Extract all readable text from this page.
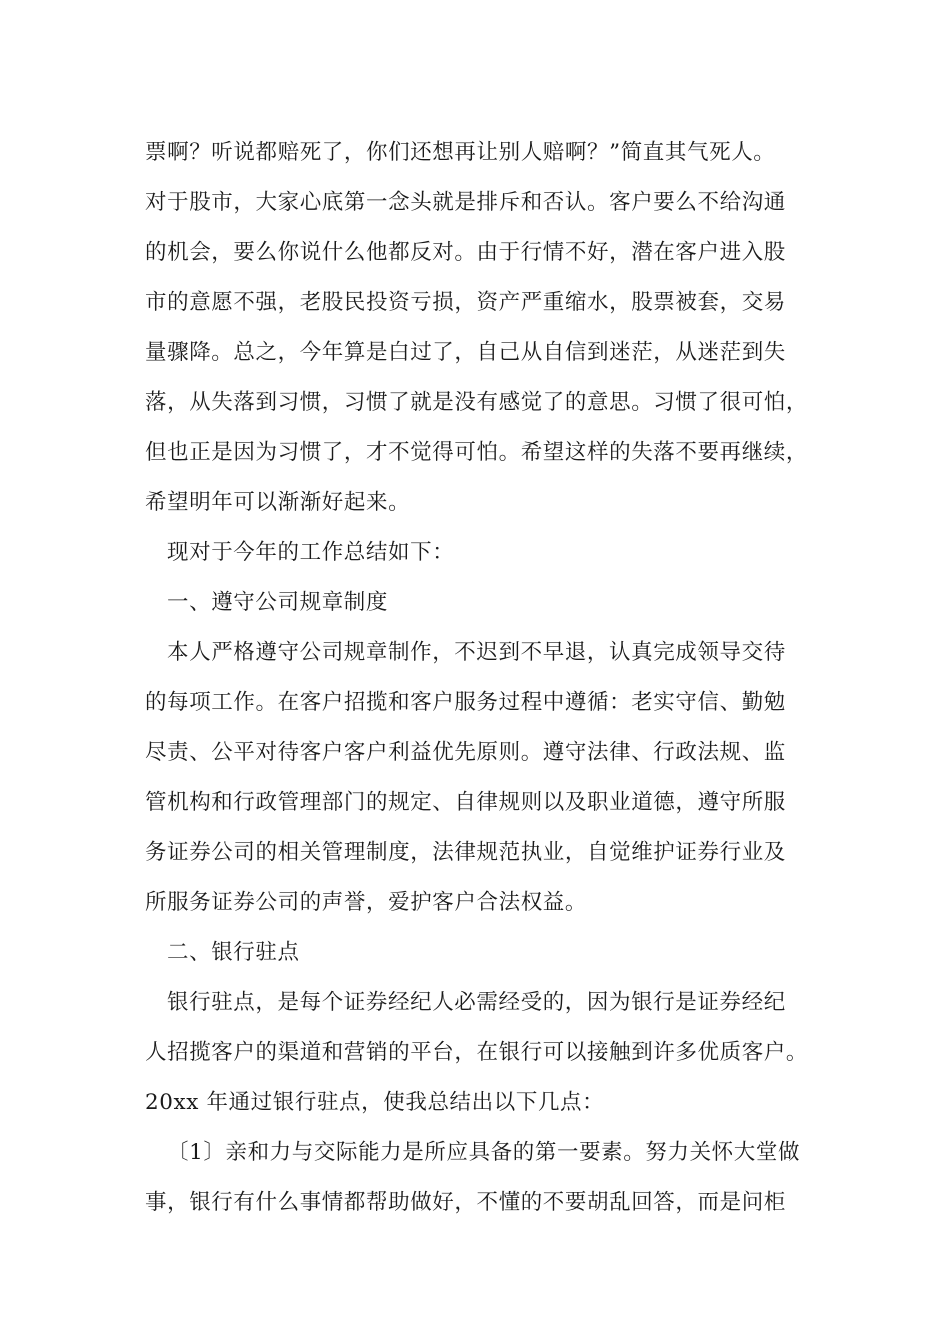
票啊？听说都赔死了，你们还想再让别人赔啊？”简直其气死人。
对于股市，大家心底第一念头就是排斥和否认。客户要么不给沟通
的机会，要么你说什么他都反对。由于行情不好，潜在客户进入股
市的意愿不强，老股民投资亏损，资产严重缩水，股票被套，交易
量骤降。总之，今年算是白过了，自己从自信到迷茫，从迷茫到失
落，从失落到习惯，习惯了就是没有感觉了的意思。习惯了很可怕，
但也正是因为习惯了，才不觉得可怕。希望这样的失落不要再继续，
希望明年可以渐渐好起来。
现对于今年的工作总结如下：
一、遵守公司规章制度
本人严格遵守公司规章制作，不迟到不早退，认真完成领导交待
的每项工作。在客户招揽和客户服务过程中遵循：老实守信、勤勉
尽责、公平对待客户客户利益优先原则。遵守法律、行政法规、监
管机构和行政管理部门的规定、自律规则以及职业道德，遵守所服
务证券公司的相关管理制度，法律规范执业，自觉维护证券行业及
所服务证券公司的声誉，爱护客户合法权益。
二、银行驻点
银行驻点，是每个证券经纪人必需经受的，因为银行是证券经纪
人招揽客户的渠道和营销的平台，在银行可以接触到许多优质客户。
20xx 年通过银行驻点，使我总结出以下几点：
〔1〕亲和力与交际能力是所应具备的第一要素。努力关怀大堂做
事，银行有什么事情都帮助做好，不懂的不要胡乱回答，而是问柜
